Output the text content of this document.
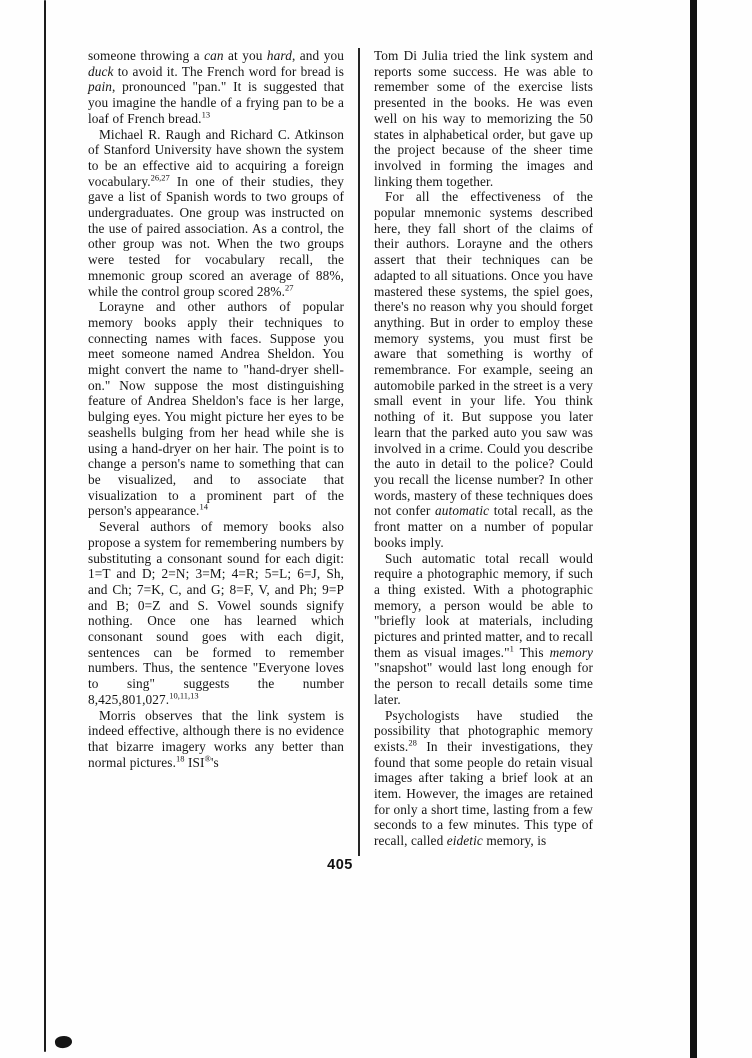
someone throwing a can at you hard, and you duck to avoid it. The French word for bread is pain, pronounced "pan." It is suggested that you imagine the handle of a frying pan to be a loaf of French bread.$^{13}$

Michael R. Raugh and Richard C. Atkinson of Stanford University have shown the system to be an effective aid to acquiring a foreign vocabulary.$^{26,27}$ In one of their studies, they gave a list of Spanish words to two groups of undergraduates. One group was instructed on the use of paired association. As a control, the other group was not. When the two groups were tested for vocabulary recall, the mnemonic group scored an average of 88%, while the control group scored 28%.$^{27}$

Lorayne and other authors of popular memory books apply their techniques to connecting names with faces. Suppose you meet someone named Andrea Sheldon. You might convert the name to "hand-dryer shell-on." Now suppose the most distinguishing feature of Andrea Sheldon's face is her large, bulging eyes. You might picture her eyes to be seashells bulging from her head while she is using a hand-dryer on her hair. The point is to change a person's name to something that can be visualized, and to associate that visualization to a prominent part of the person's appearance.$^{14}$

Several authors of memory books also propose a system for remembering numbers by substituting a consonant sound for each digit: 1=T and D; 2=N; 3=M; 4=R; 5=L; 6=J, Sh, and Ch; 7=K, C, and G; 8=F, V, and Ph; 9=P and B; 0=Z and S. Vowel sounds signify nothing. Once one has learned which consonant sound goes with each digit, sentences can be formed to remember numbers. Thus, the sentence "Everyone loves to sing" suggests the number 8,425,801,027.$^{10,11,13}$

Morris observes that the link system is indeed effective, although there is no evidence that bizarre imagery works any better than normal pictures.$^{18}$ ISI®'s

Tom Di Julia tried the link system and reports some success. He was able to remember some of the exercise lists presented in the books. He was even well on his way to memorizing the 50 states in alphabetical order, but gave up the project because of the sheer time involved in forming the images and linking them together.

For all the effectiveness of the popular mnemonic systems described here, they fall short of the claims of their authors. Lorayne and the others assert that their techniques can be adapted to all situations. Once you have mastered these systems, the spiel goes, there's no reason why you should forget anything. But in order to employ these memory systems, you must first be aware that something is worthy of remembrance. For example, seeing an automobile parked in the street is a very small event in your life. You think nothing of it. But suppose you later learn that the parked auto you saw was involved in a crime. Could you describe the auto in detail to the police? Could you recall the license number? In other words, mastery of these techniques does not confer automatic total recall, as the front matter on a number of popular books imply.

Such automatic total recall would require a photographic memory, if such a thing existed. With a photographic memory, a person would be able to "briefly look at materials, including pictures and printed matter, and to recall them as visual images."$^1$ This memory "snapshot" would last long enough for the person to recall details some time later.

Psychologists have studied the possibility that photographic memory exists.$^{28}$ In their investigations, they found that some people do retain visual images after taking a brief look at an item. However, the images are retained for only a short time, lasting from a few seconds to a few minutes. This type of recall, called eidetic memory, is

405
